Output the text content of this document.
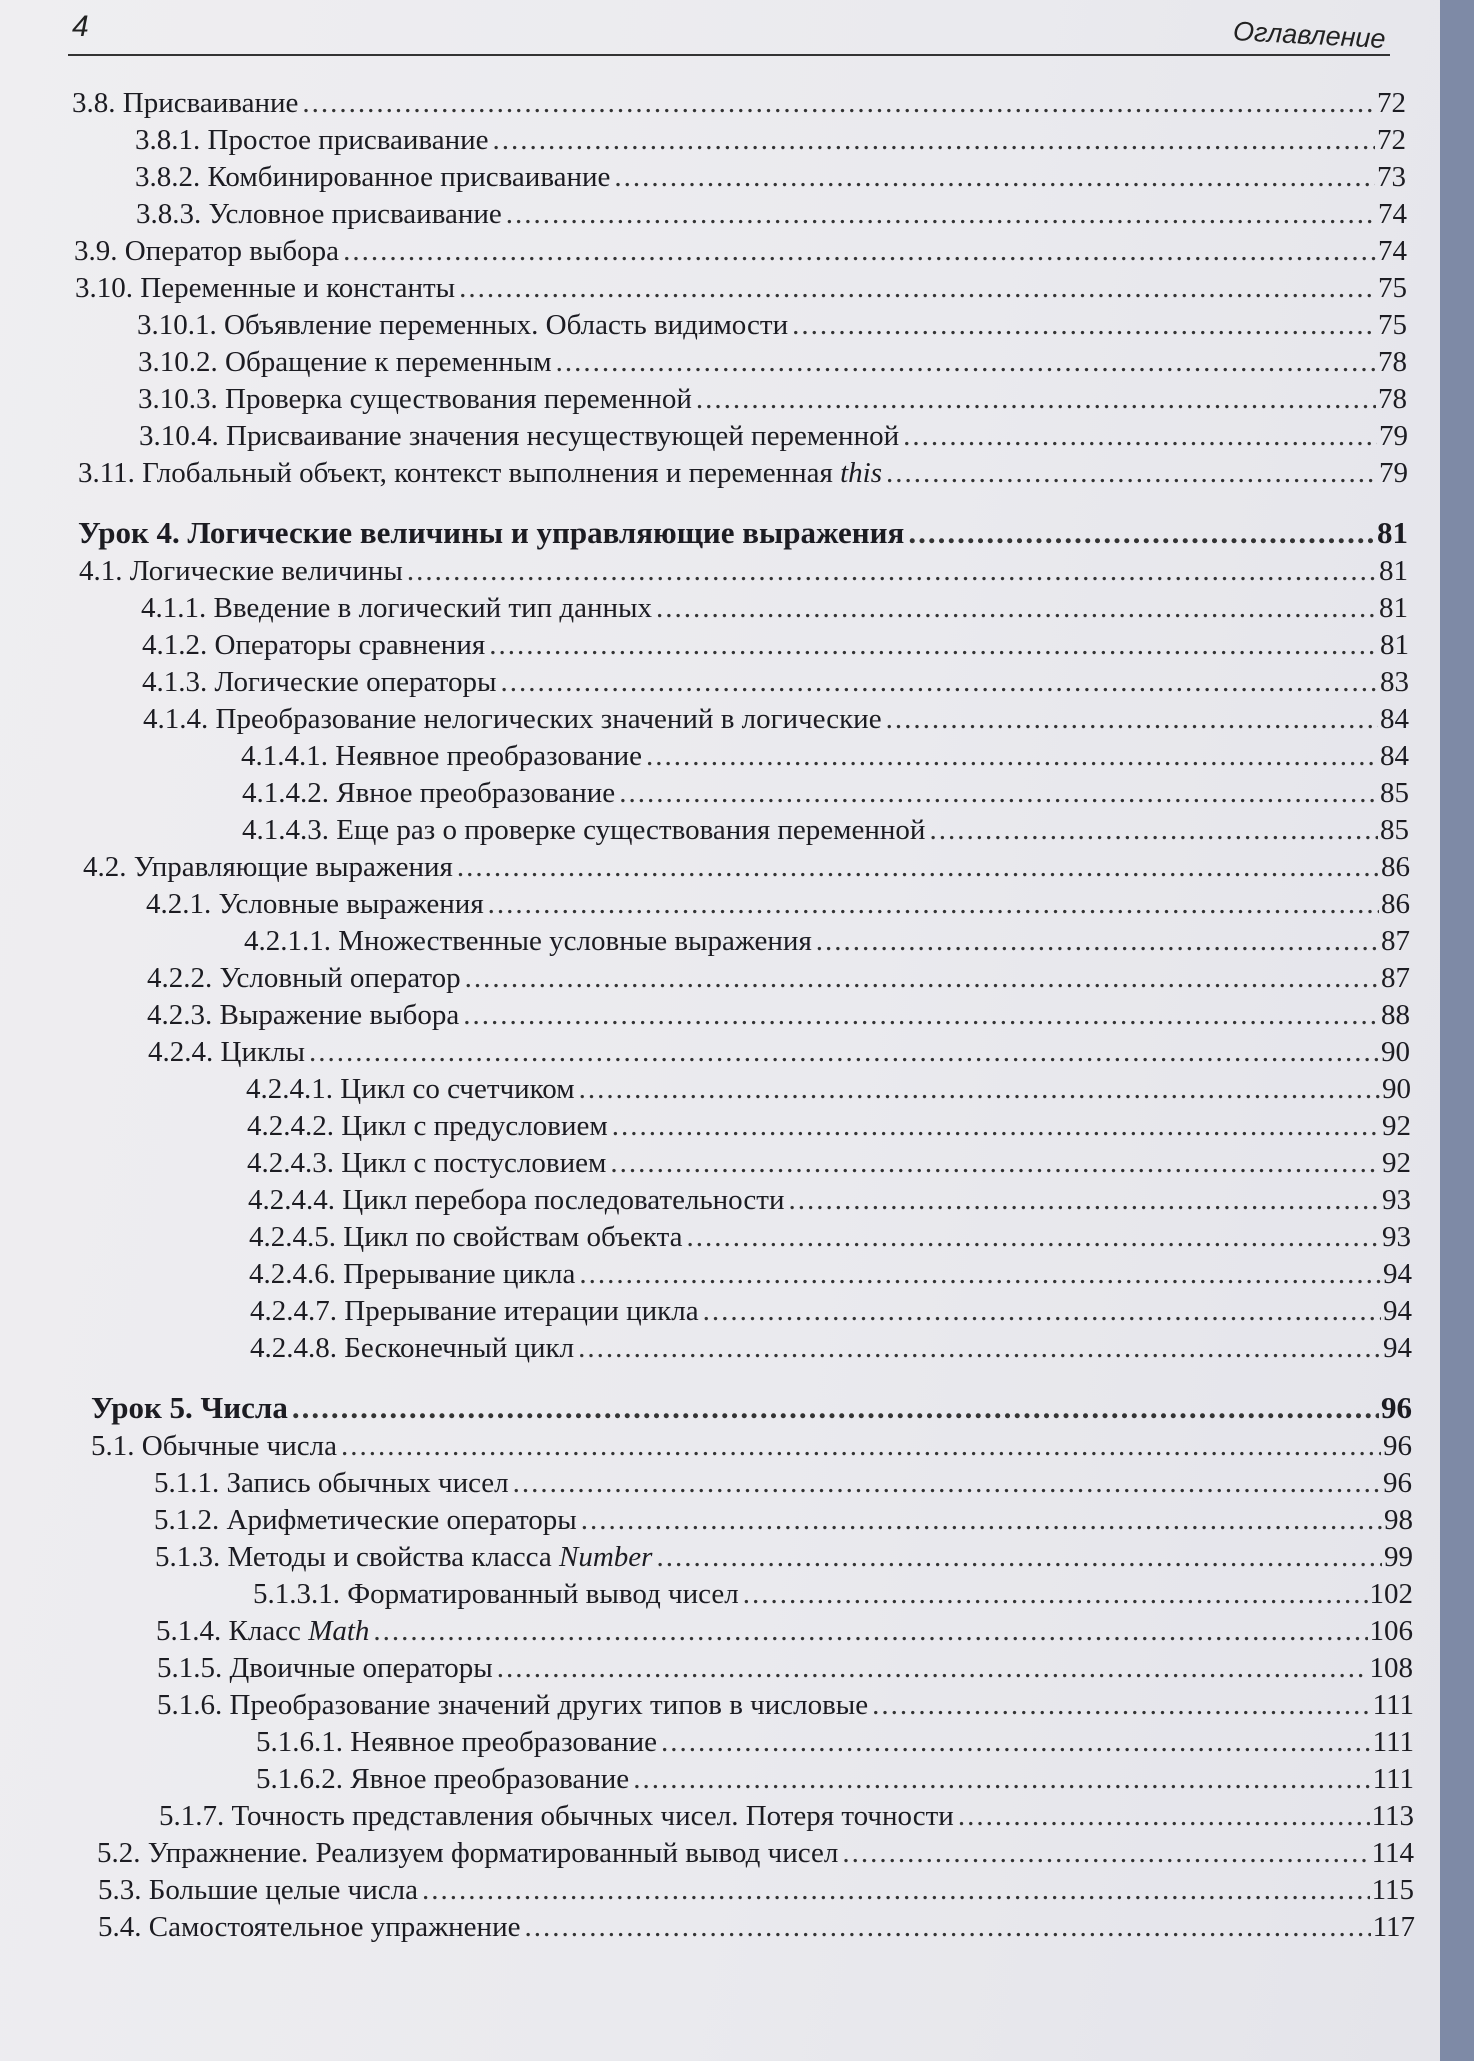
4	Оглавление
3.8. Присваивание .....	72
3.8.1. Простое присваивание .....	72
3.8.2. Комбинированное присваивание .....	73
3.8.3. Условное присваивание .....	74
3.9. Оператор выбора .....	74
3.10. Переменные и константы .....	75
3.10.1. Объявление переменных. Область видимости .....	75
3.10.2. Обращение к переменным .....	78
3.10.3. Проверка существования переменной .....	78
3.10.4. Присваивание значения несуществующей переменной .....	79
3.11. Глобальный объект, контекст выполнения и переменная this .....	79
Урок 4. Логические величины и управляющие выражения .....	81
4.1. Логические величины .....	81
4.1.1. Введение в логический тип данных .....	81
4.1.2. Операторы сравнения .....	81
4.1.3. Логические операторы .....	83
4.1.4. Преобразование нелогических значений в логические .....	84
4.1.4.1. Неявное преобразование .....	84
4.1.4.2. Явное преобразование .....	85
4.1.4.3. Еще раз о проверке существования переменной .....	85
4.2. Управляющие выражения .....	86
4.2.1. Условные выражения .....	86
4.2.1.1. Множественные условные выражения .....	87
4.2.2. Условный оператор .....	87
4.2.3. Выражение выбора .....	88
4.2.4. Циклы .....	90
4.2.4.1. Цикл со счетчиком .....	90
4.2.4.2. Цикл с предусловием .....	92
4.2.4.3. Цикл с постусловием .....	92
4.2.4.4. Цикл перебора последовательности .....	93
4.2.4.5. Цикл по свойствам объекта .....	93
4.2.4.6. Прерывание цикла .....	94
4.2.4.7. Прерывание итерации цикла .....	94
4.2.4.8. Бесконечный цикл .....	94
Урок 5. Числа .....	96
5.1. Обычные числа .....	96
5.1.1. Запись обычных чисел .....	96
5.1.2. Арифметические операторы .....	98
5.1.3. Методы и свойства класса Number .....	99
5.1.3.1. Форматированный вывод чисел .....	102
5.1.4. Класс Math .....	106
5.1.5. Двоичные операторы .....	108
5.1.6. Преобразование значений других типов в числовые .....	111
5.1.6.1. Неявное преобразование .....	111
5.1.6.2. Явное преобразование .....	111
5.1.7. Точность представления обычных чисел. Потеря точности .....	113
5.2. Упражнение. Реализуем форматированный вывод чисел .....	114
5.3. Большие целые числа .....	115
5.4. Самостоятельное упражнение .....	117
